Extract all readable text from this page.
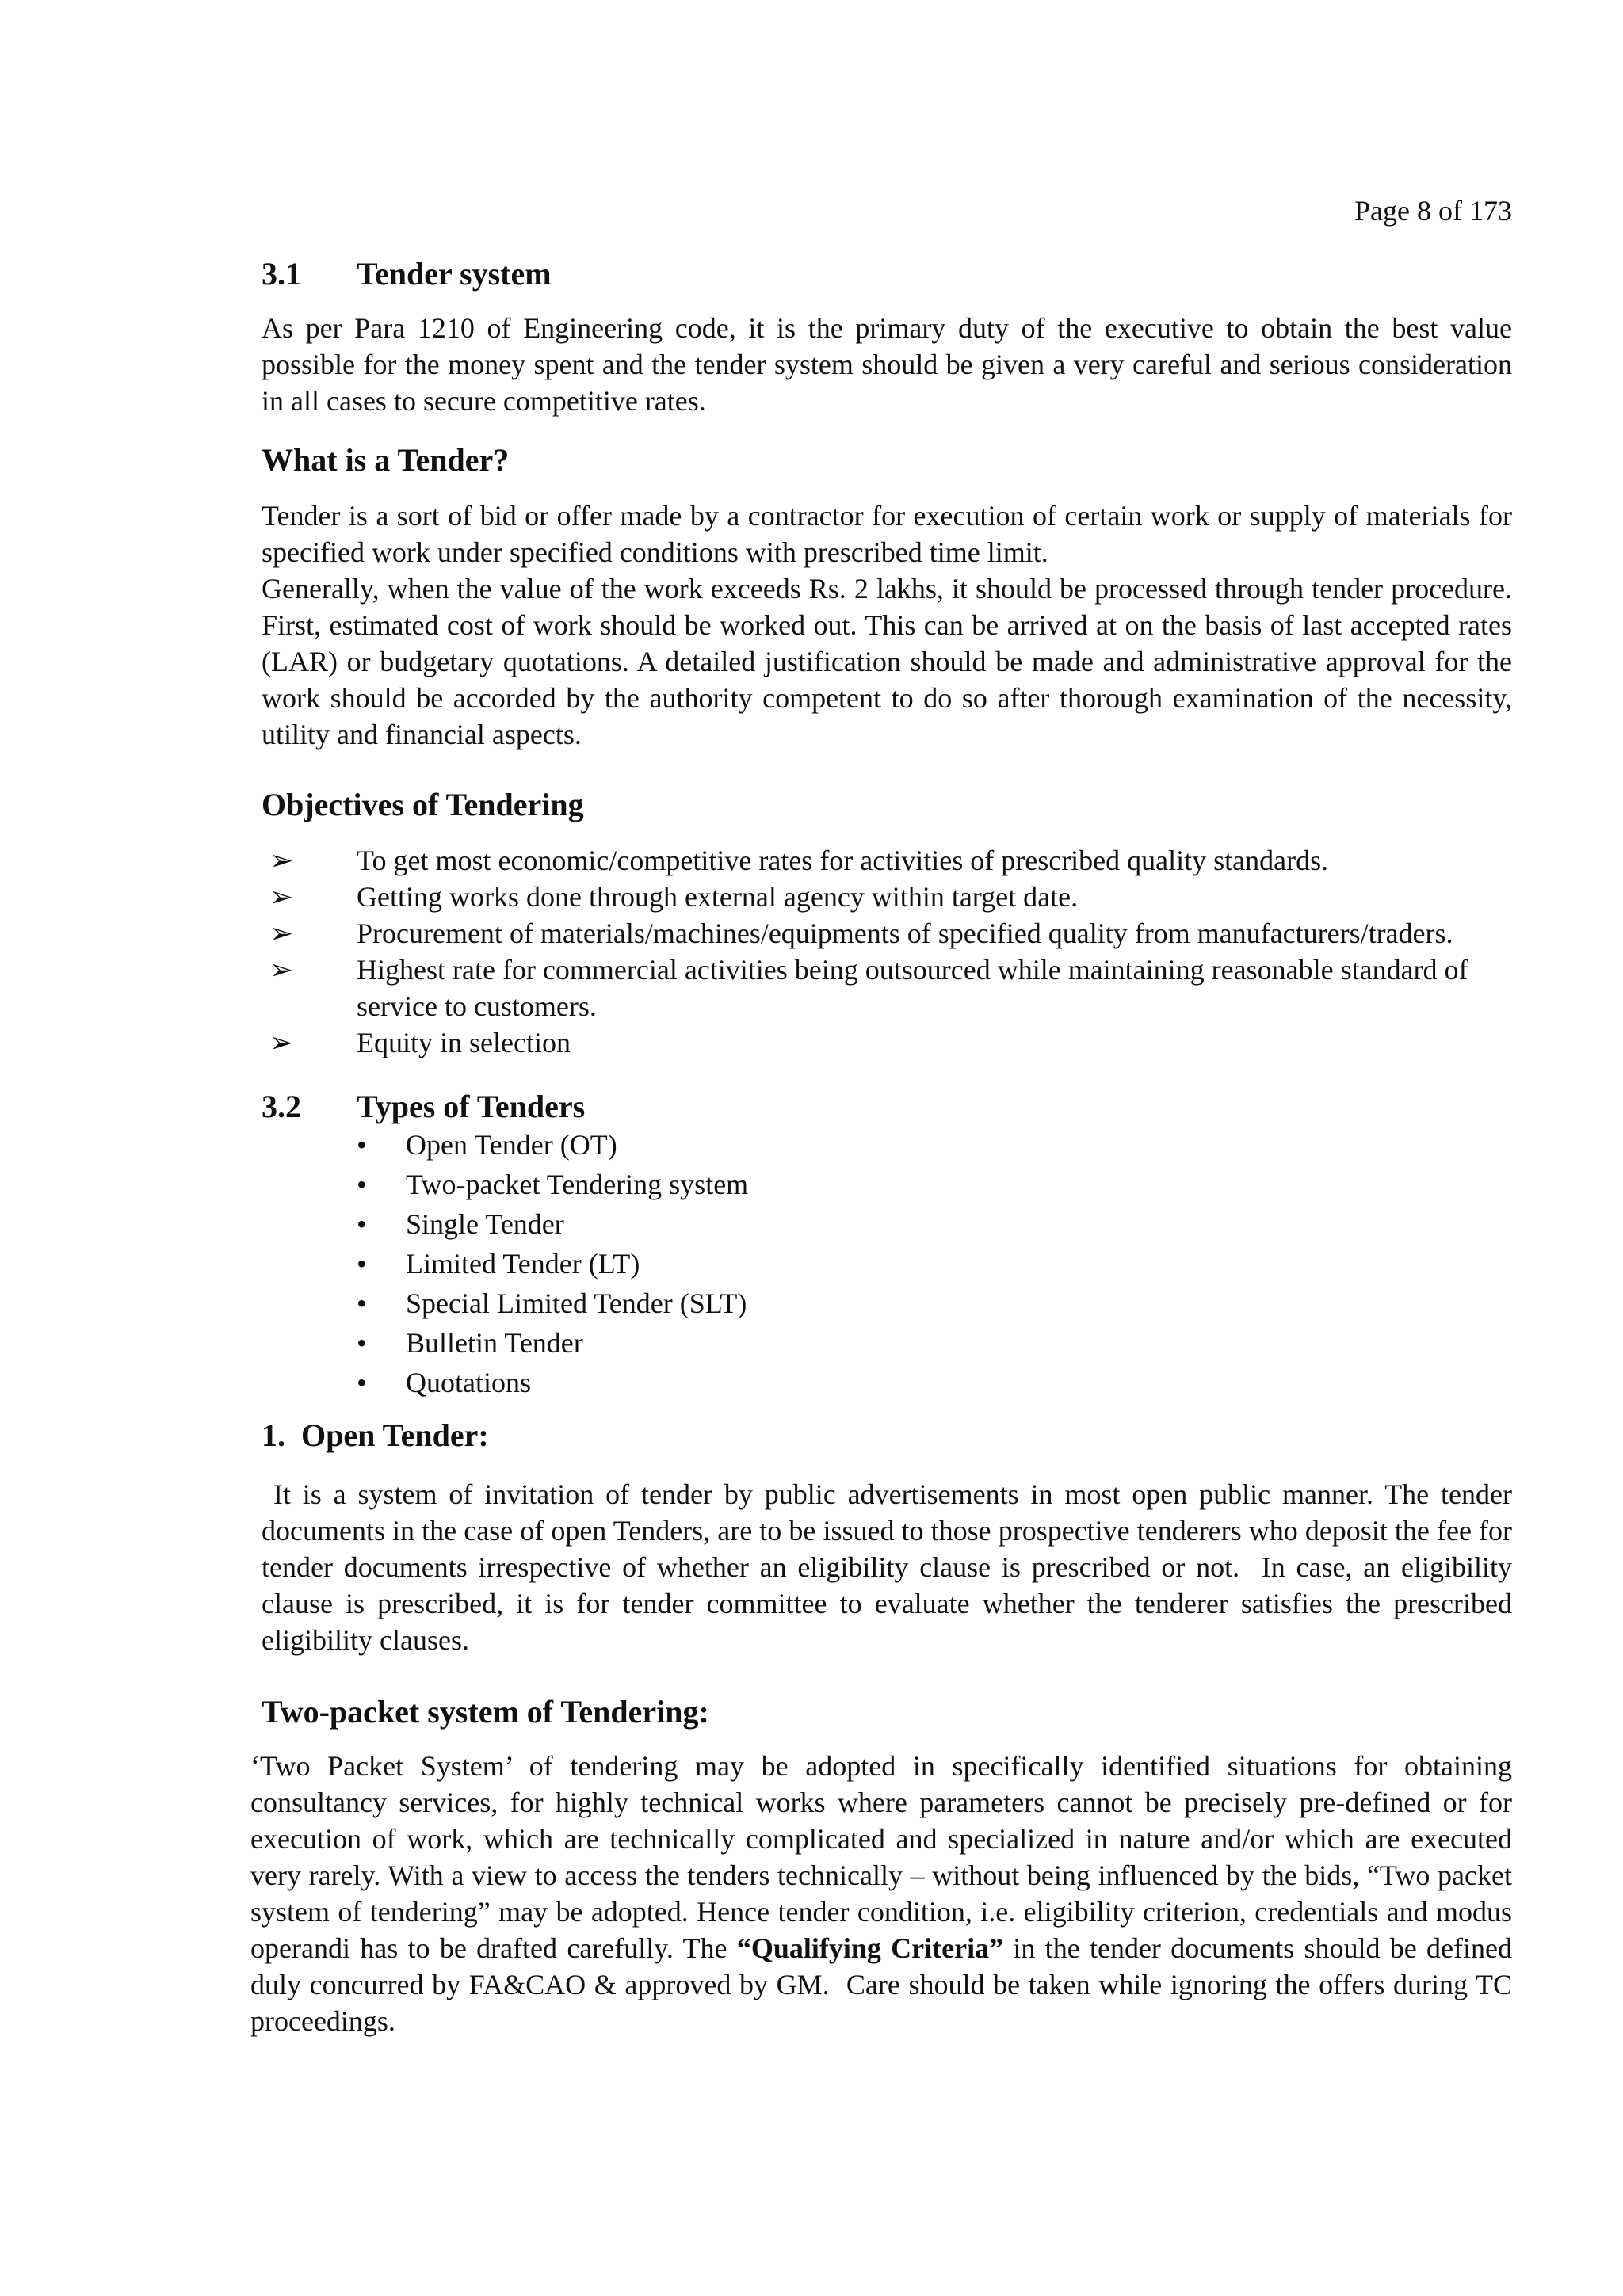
Page 8 of 173
3.1	Tender system

As per Para 1210 of Engineering code, it is the primary duty of the executive to obtain the best value possible for the money spent and the tender system should be given a very careful and serious consideration in all cases to secure competitive rates.

What is a Tender?

Tender is a sort of bid or offer made by a contractor for execution of certain work or supply of materials for specified work under specified conditions with prescribed time limit.

Generally, when the value of the work exceeds Rs. 2 lakhs, it should be processed through tender procedure. First, estimated cost of work should be worked out. This can be arrived at on the basis of last accepted rates (LAR) or budgetary quotations. A detailed justification should be made and administrative approval for the work should be accorded by the authority competent to do so after thorough examination of the necessity, utility and financial aspects.

Objectives of Tendering
➢	To get most economic/competitive rates for activities of prescribed quality standards.
➢	Getting works done through external agency within target date.
➢	Procurement of materials/machines/equipments of specified quality from manufacturers/traders.
➢	Highest rate for commercial activities being outsourced while maintaining reasonable standard of service to customers.
➢	Equity in selection
3.2	Types of Tenders
•	Open Tender (OT)
•	Two-packet Tendering system
•	Single Tender
•	Limited Tender (LT)
•	Special Limited Tender (SLT)
•	Bulletin Tender
•	Quotations
1.  Open Tender:

It is a system of invitation of tender by public advertisements in most open public manner. The tender documents in the case of open Tenders, are to be issued to those prospective tenderers who deposit the fee for tender documents irrespective of whether an eligibility clause is prescribed or not.  In case, an eligibility clause is prescribed, it is for tender committee to evaluate whether the tenderer satisfies the prescribed eligibility clauses.

Two-packet system of Tendering:

‘Two Packet System’ of tendering may be adopted in specifically identified situations for obtaining consultancy services, for highly technical works where parameters cannot be precisely pre-defined or for execution of work, which are technically complicated and specialized in nature and/or which are executed very rarely. With a view to access the tenders technically – without being influenced by the bids, “Two packet system of tendering” may be adopted. Hence tender condition, i.e. eligibility criterion, credentials and modus operandi has to be drafted carefully. The “Qualifying Criteria” in the tender documents should be defined duly concurred by FA&CAO & approved by GM.  Care should be taken while ignoring the offers during TC proceedings.
